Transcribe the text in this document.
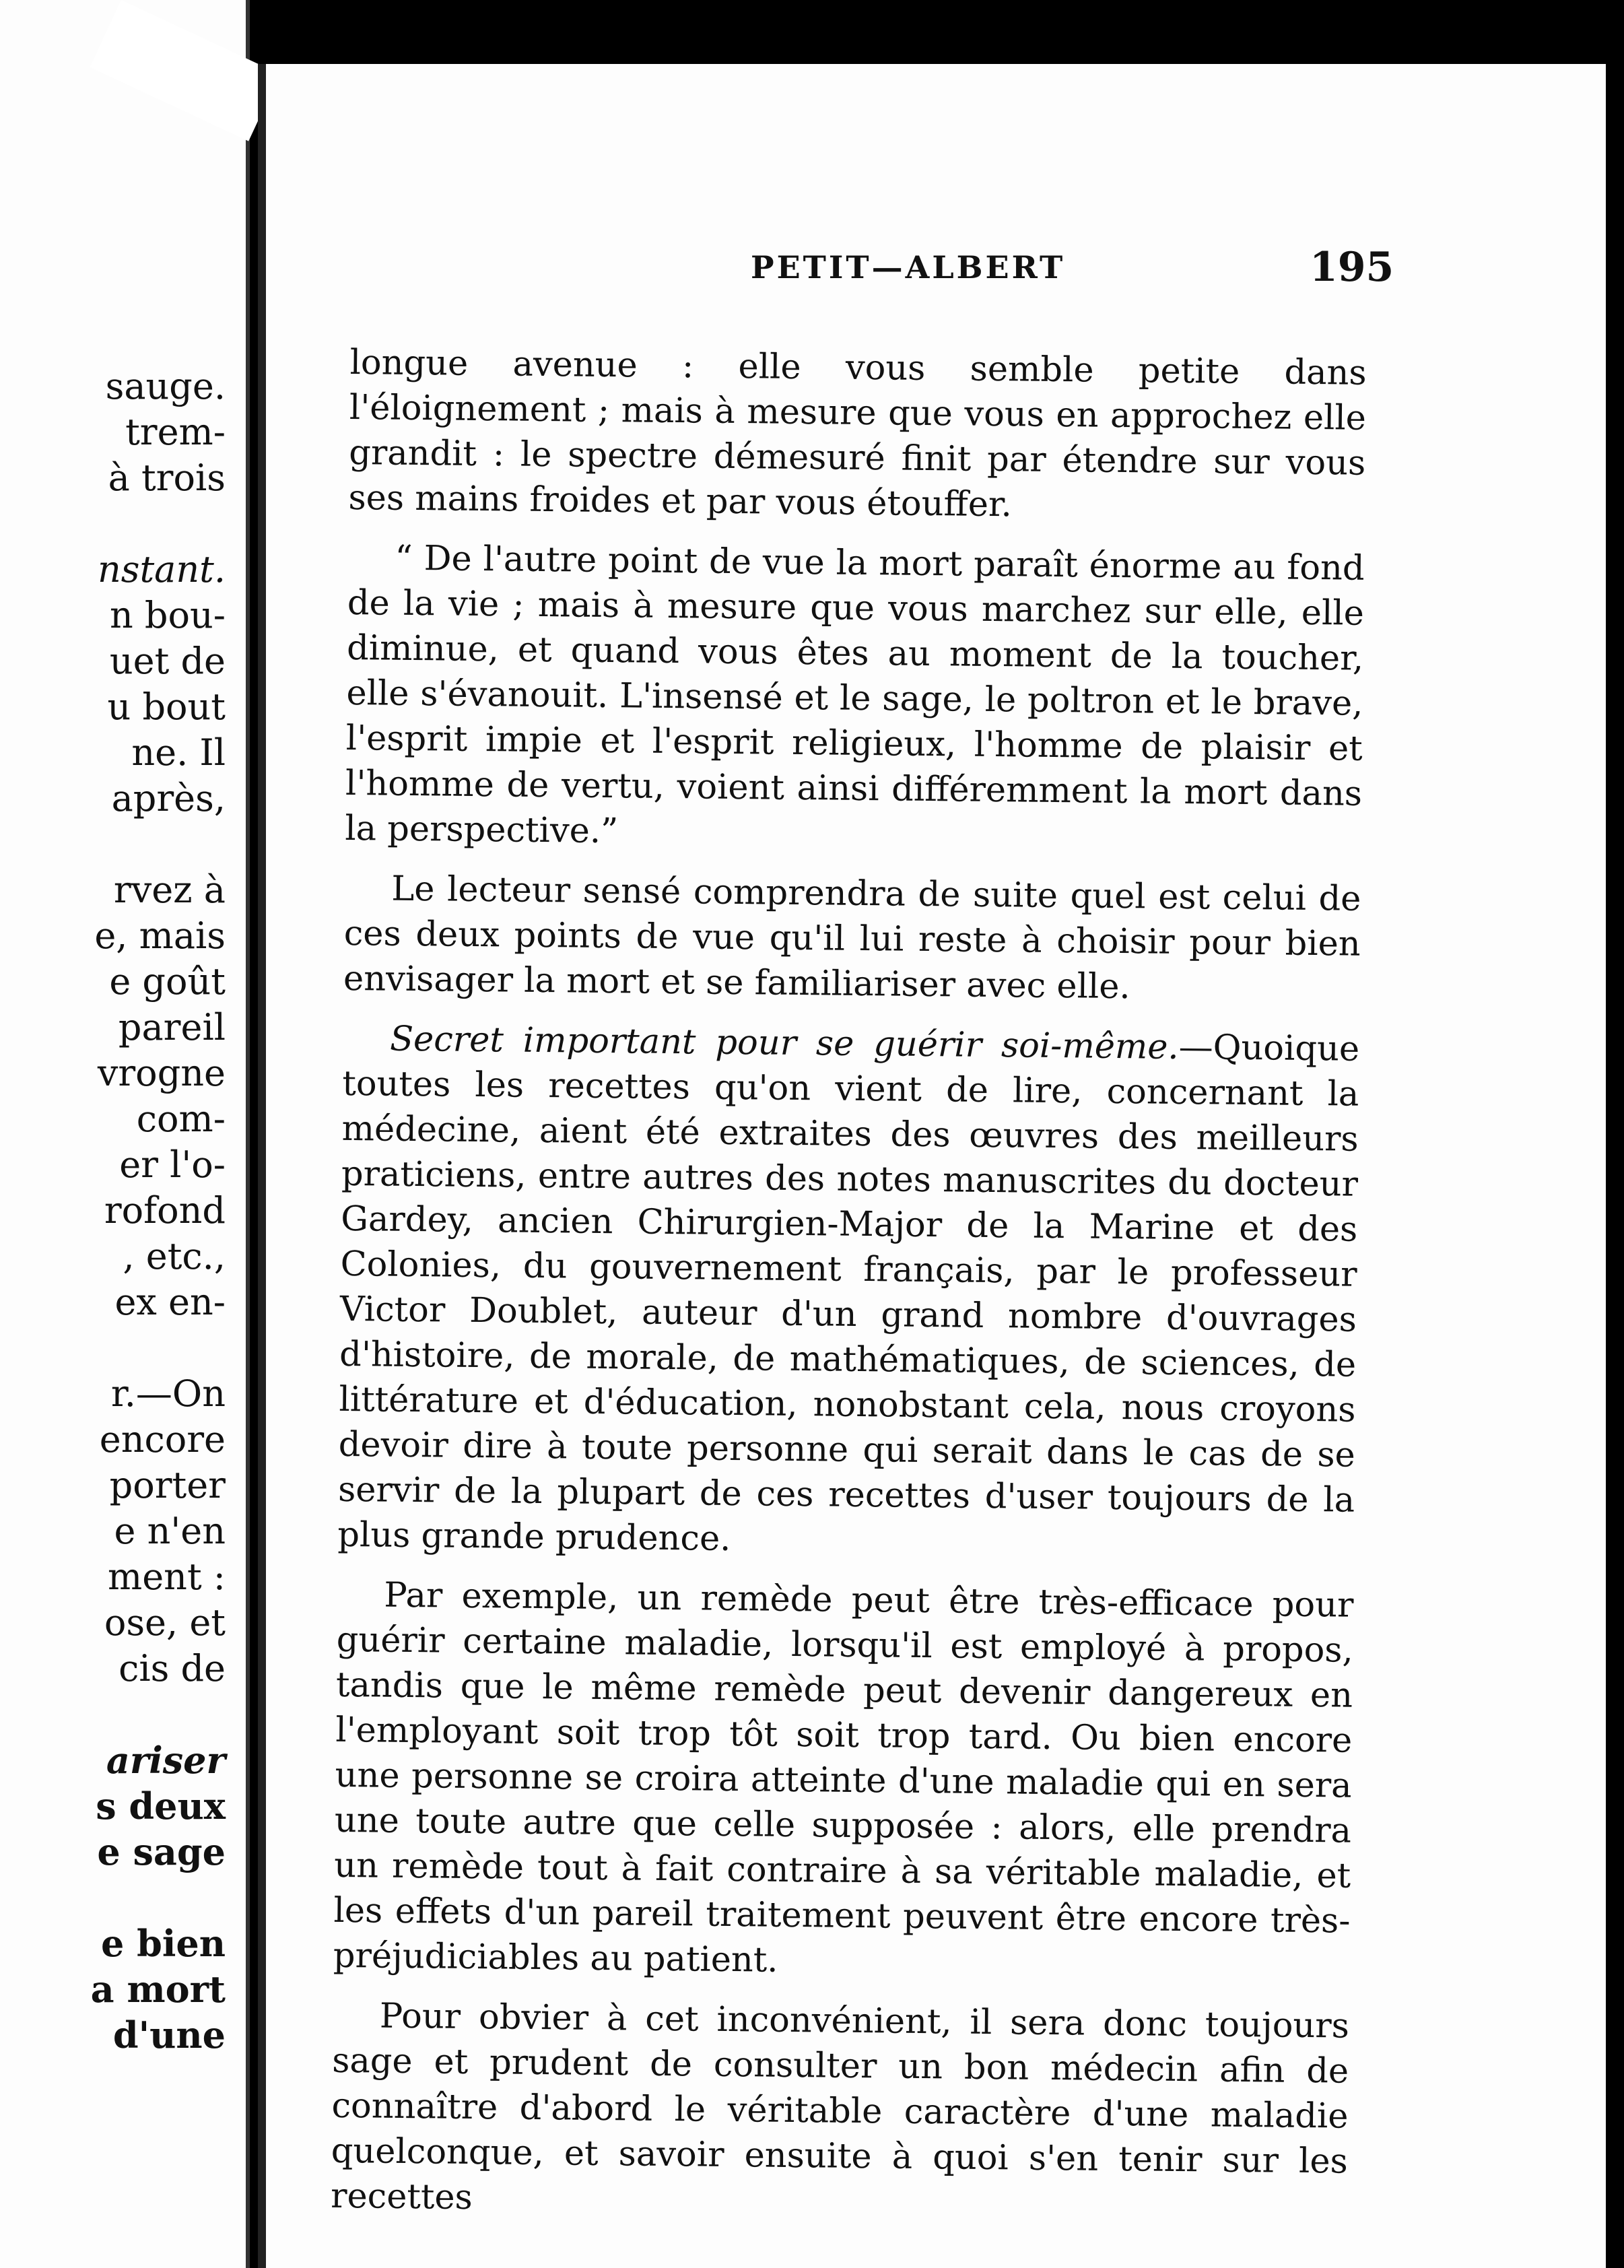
sauge.
trem-
à trois
nstant.
n bou-
uet de
u bout
ne. Il
après,
rvez à
e, mais
e goût
pareil
vrogne
com-
er l'o-
rofond
, etc.,
ex en-
r.—On
encore
porter
e n'en
ment :
ose, et
cis de
ariser
s deux
e sage
e bien
a mort
d'une
PETIT—ALBERT	195

longue avenue : elle vous semble petite dans l'éloignement ; mais à mesure que vous en approchez elle grandit : le spectre démesuré finit par étendre sur vous ses mains froides et par vous étouffer.

“ De l'autre point de vue la mort paraît énorme au fond de la vie ; mais à mesure que vous marchez sur elle, elle diminue, et quand vous êtes au moment de la toucher, elle s'évanouit. L'insensé et le sage, le poltron et le brave, l'esprit impie et l'esprit religieux, l'homme de plaisir et l'homme de vertu, voient ainsi différemment la mort dans la perspective.”

Le lecteur sensé comprendra de suite quel est celui de ces deux points de vue qu'il lui reste à choisir pour bien envisager la mort et se familiariser avec elle.

Secret important pour se guérir soi-même.—Quoique toutes les recettes qu'on vient de lire, concernant la médecine, aient été extraites des œuvres des meilleurs praticiens, entre autres des notes manuscrites du docteur Gardey, ancien Chirurgien-Major de la Marine et des Colonies, du gouvernement français, par le professeur Victor Doublet, auteur d'un grand nombre d'ouvrages d'histoire, de morale, de mathématiques, de sciences, de littérature et d'éducation, nonobstant cela, nous croyons devoir dire à toute personne qui serait dans le cas de se servir de la plupart de ces recettes d'user toujours de la plus grande prudence.

Par exemple, un remède peut être très-efficace pour guérir certaine maladie, lorsqu'il est employé à propos, tandis que le même remède peut devenir dangereux en l'employant soit trop tôt soit trop tard. Ou bien encore une personne se croira atteinte d'une maladie qui en sera une toute autre que celle supposée : alors, elle prendra un remède tout à fait contraire à sa véritable maladie, et les effets d'un pareil traitement peuvent être encore très-préjudiciables au patient.

Pour obvier à cet inconvénient, il sera donc toujours sage et prudent de consulter un bon médecin afin de connaître d'abord le véritable caractère d'une maladie quelconque, et savoir ensuite à quoi s'en tenir sur les recettes
